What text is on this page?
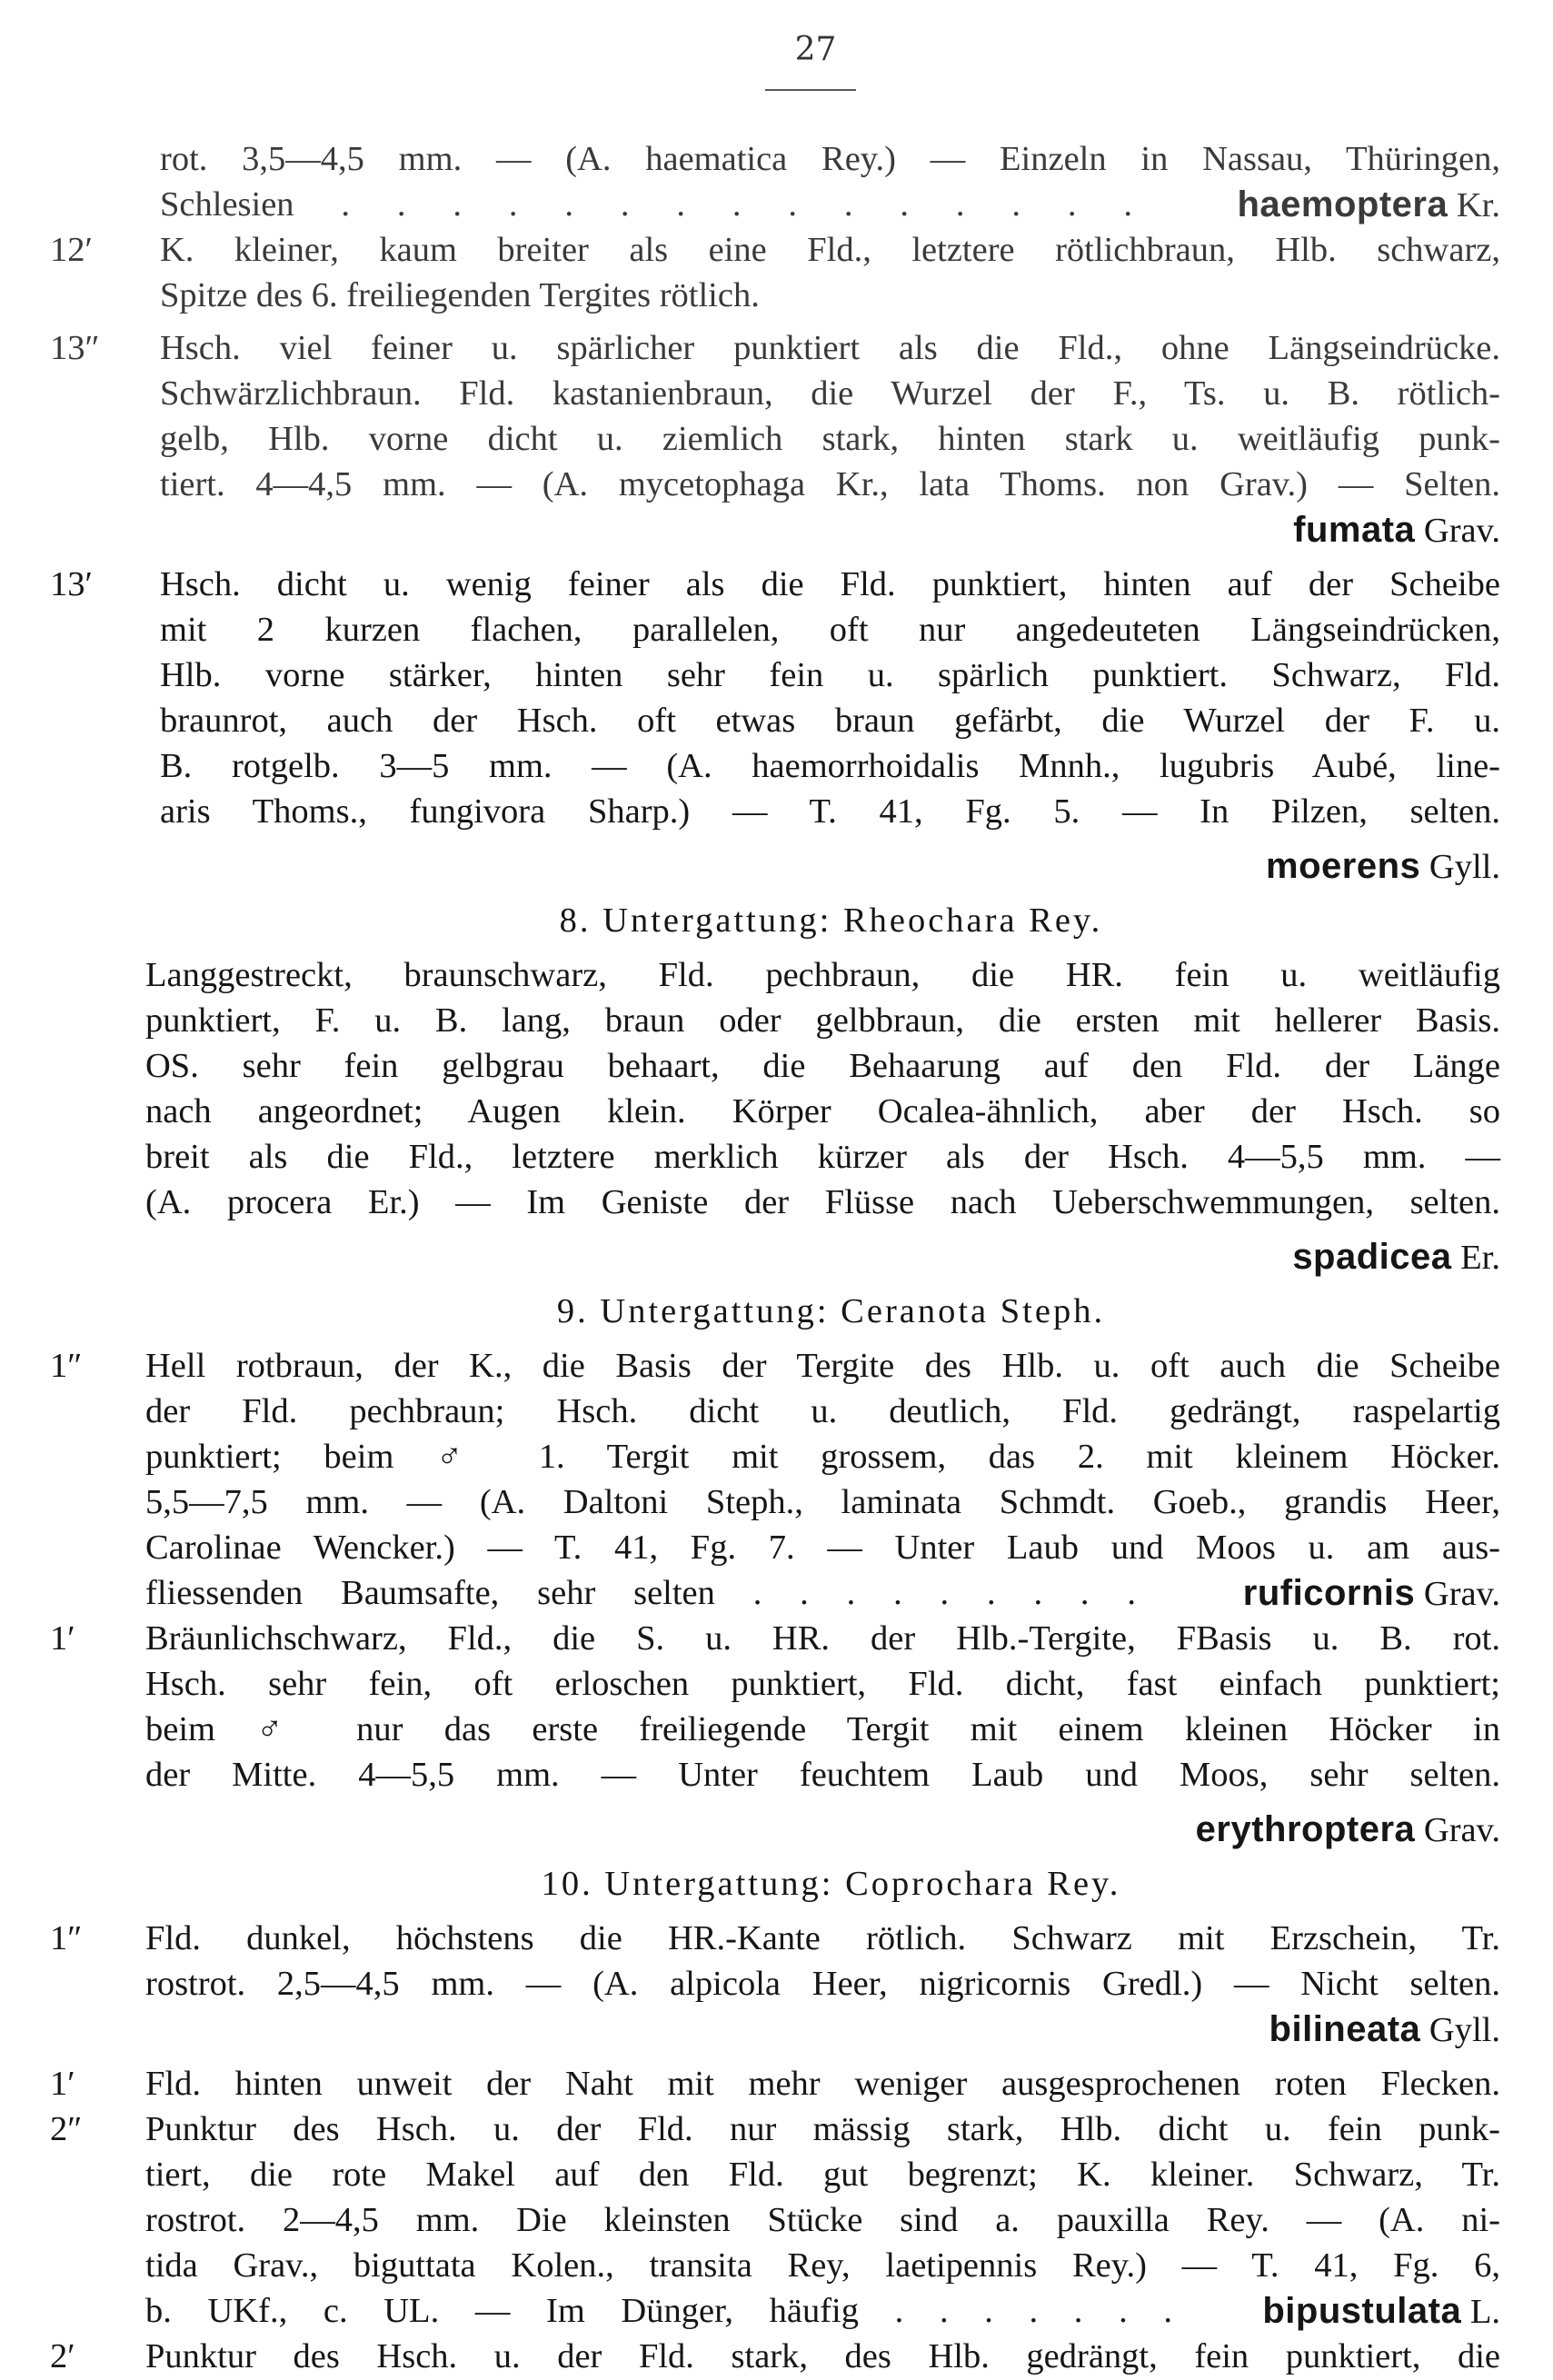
27
rot. 3,5—4,5 mm. — (A. haematica Rey.) — Einzeln in Nassau, Thüringen,
Schlesien . . . . . . . . . . . . . . .	haemoptera Kr.
12′	K. kleiner, kaum breiter als eine Fld., letztere rötlichbraun, Hlb. schwarz,
Spitze des 6. freiliegenden Tergites rötlich.
13″	Hsch. viel feiner u. spärlicher punktiert als die Fld., ohne Längseindrücke.
Schwärzlichbraun. Fld. kastanienbraun, die Wurzel der F., Ts. u. B. rötlich-
gelb, Hlb. vorne dicht u. ziemlich stark, hinten stark u. weitläufig punk-
tiert. 4—4,5 mm. — (A. mycetophaga Kr., lata Thoms. non Grav.) — Selten.
fumata Grav.
13′	Hsch. dicht u. wenig feiner als die Fld. punktiert, hinten auf der Scheibe
mit 2 kurzen flachen, parallelen, oft nur angedeuteten Längseindrücken,
Hlb. vorne stärker, hinten sehr fein u. spärlich punktiert. Schwarz, Fld.
braunrot, auch der Hsch. oft etwas braun gefärbt, die Wurzel der F. u.
B. rotgelb. 3—5 mm. — (A. haemorrhoidalis Mnnh., lugubris Aubé, line-
aris Thoms., fungivora Sharp.) — T. 41, Fg. 5. — In Pilzen, selten.
moerens Gyll.
8. Untergattung: Rheochara Rey.
Langgestreckt, braunschwarz, Fld. pechbraun, die HR. fein u. weitläufig
punktiert, F. u. B. lang, braun oder gelbbraun, die ersten mit hellerer Basis.
OS. sehr fein gelbgrau behaart, die Behaarung auf den Fld. der Länge
nach angeordnet; Augen klein. Körper Ocalea-ähnlich, aber der Hsch. so
breit als die Fld., letztere merklich kürzer als der Hsch. 4—5,5 mm. —
(A. procera Er.) — Im Geniste der Flüsse nach Ueberschwemmungen, selten.
spadicea Er.
9. Untergattung: Ceranota Steph.
1″	Hell rotbraun, der K., die Basis der Tergite des Hlb. u. oft auch die Scheibe
der Fld. pechbraun; Hsch. dicht u. deutlich, Fld. gedrängt, raspelartig
punktiert; beim ♂ 1. Tergit mit grossem, das 2. mit kleinem Höcker.
5,5—7,5 mm. — (A. Daltoni Steph., laminata Schmdt. Goeb., grandis Heer,
Carolinae Wencker.) — T. 41, Fg. 7. — Unter Laub und Moos u. am aus-
fliessenden Baumsafte, sehr selten . . . . . . . . .	ruficornis Grav.
1′	Bräunlichschwarz, Fld., die S. u. HR. der Hlb.-Tergite, FBasis u. B. rot.
Hsch. sehr fein, oft erloschen punktiert, Fld. dicht, fast einfach punktiert;
beim ♂ nur das erste freiliegende Tergit mit einem kleinen Höcker in
der Mitte. 4—5,5 mm. — Unter feuchtem Laub und Moos, sehr selten.
erythroptera Grav.
10. Untergattung: Coprochara Rey.
1″	Fld. dunkel, höchstens die HR.-Kante rötlich. Schwarz mit Erzschein, Tr.
rostrot. 2,5—4,5 mm. — (A. alpicola Heer, nigricornis Gredl.) — Nicht selten.
bilineata Gyll.
1′	Fld. hinten unweit der Naht mit mehr weniger ausgesprochenen roten Flecken.
2″	Punktur des Hsch. u. der Fld. nur mässig stark, Hlb. dicht u. fein punk-
tiert, die rote Makel auf den Fld. gut begrenzt; K. kleiner. Schwarz, Tr.
rostrot. 2—4,5 mm. Die kleinsten Stücke sind a. pauxilla Rey. — (A. ni-
tida Grav., biguttata Kolen., transita Rey, laetipennis Rey.) — T. 41, Fg. 6,
b. UKf., c. UL. — Im Dünger, häufig . . . . . . . bipustulata L.
2′	Punktur des Hsch. u. der Fld. stark, des Hlb. gedrängt, fein punktiert, die
